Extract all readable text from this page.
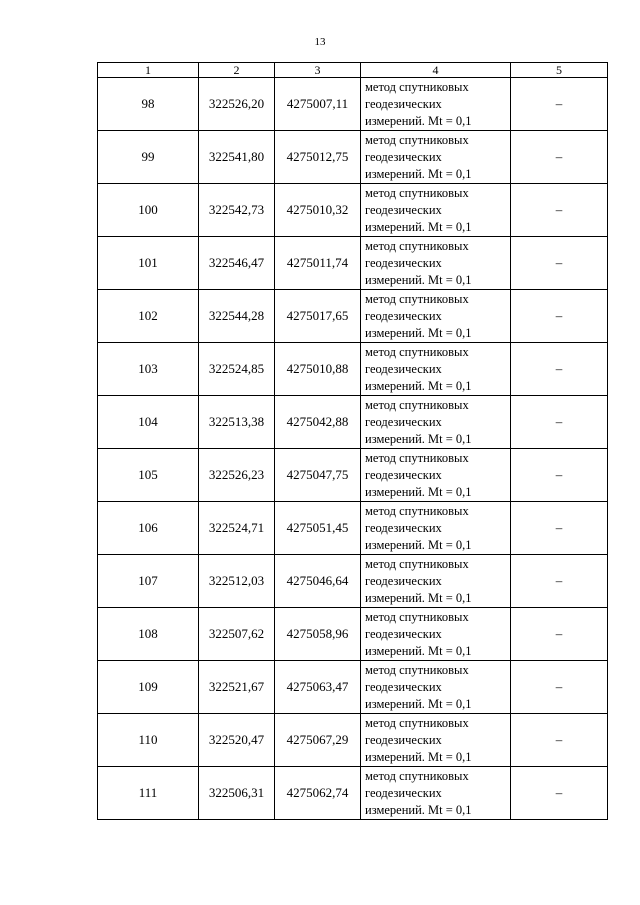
13
1	2	3	4	5
98	322526,20	4275007,11	метод спутниковых
геодезических
измерений. Mt = 0,1	–
99	322541,80	4275012,75	метод спутниковых
геодезических
измерений. Mt = 0,1	–
100	322542,73	4275010,32	метод спутниковых
геодезических
измерений. Mt = 0,1	–
101	322546,47	4275011,74	метод спутниковых
геодезических
измерений. Mt = 0,1	–
102	322544,28	4275017,65	метод спутниковых
геодезических
измерений. Mt = 0,1	–
103	322524,85	4275010,88	метод спутниковых
геодезических
измерений. Mt = 0,1	–
104	322513,38	4275042,88	метод спутниковых
геодезических
измерений. Mt = 0,1	–
105	322526,23	4275047,75	метод спутниковых
геодезических
измерений. Mt = 0,1	–
106	322524,71	4275051,45	метод спутниковых
геодезических
измерений. Mt = 0,1	–
107	322512,03	4275046,64	метод спутниковых
геодезических
измерений. Mt = 0,1	–
108	322507,62	4275058,96	метод спутниковых
геодезических
измерений. Mt = 0,1	–
109	322521,67	4275063,47	метод спутниковых
геодезических
измерений. Mt = 0,1	–
110	322520,47	4275067,29	метод спутниковых
геодезических
измерений. Mt = 0,1	–
111	322506,31	4275062,74	метод спутниковых
геодезических
измерений. Mt = 0,1	–
